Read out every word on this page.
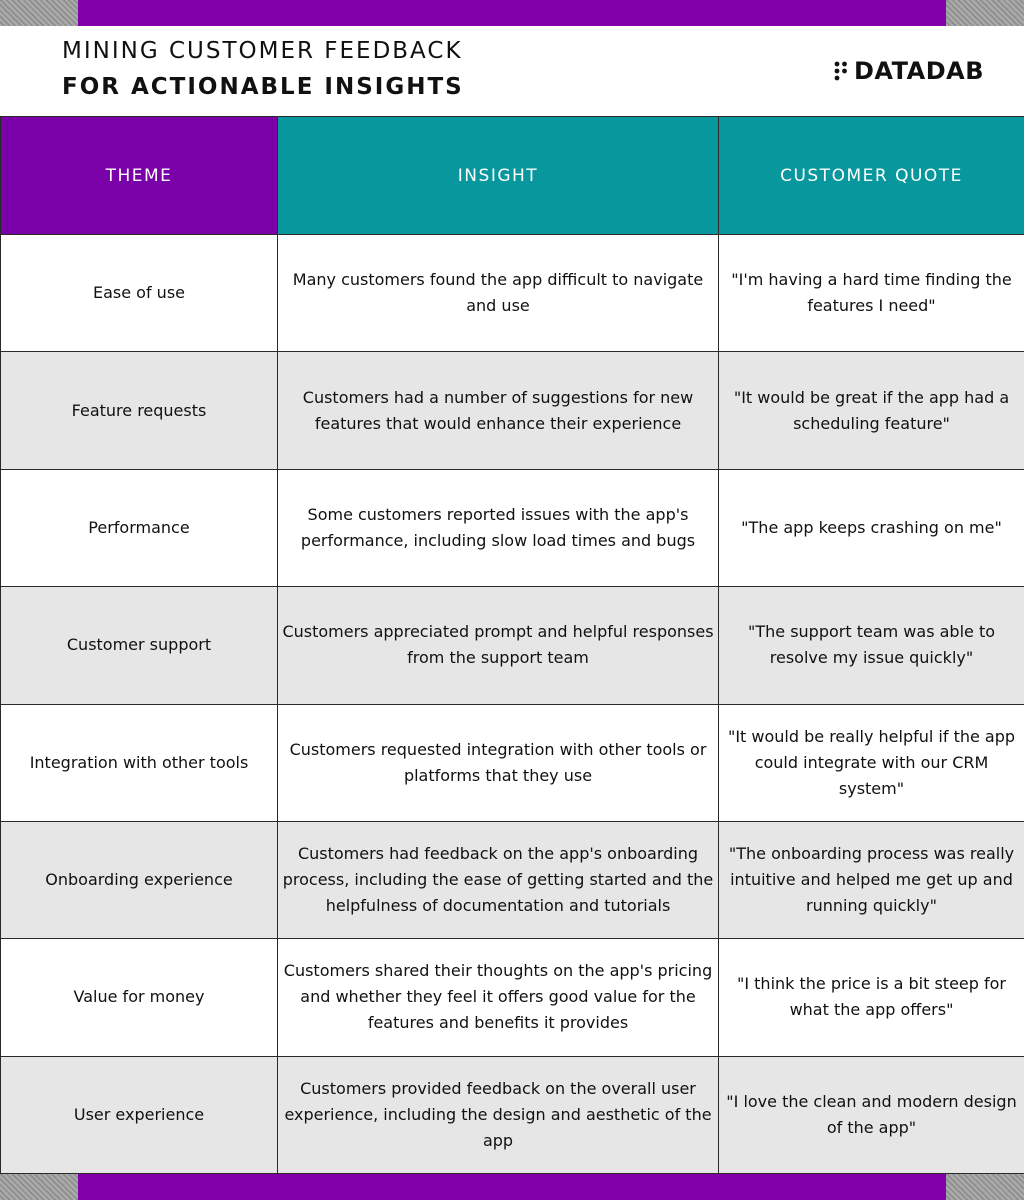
MINING CUSTOMER FEEDBACK
FOR ACTIONABLE INSIGHTS
DATADAB
THEME	INSIGHT	CUSTOMER QUOTE
Ease of use	Many customers found the app difficult to navigate and use	"I'm having a hard time finding the features I need"
Feature requests	Customers had a number of suggestions for new features that would enhance their experience	"It would be great if the app had a scheduling feature"
Performance	Some customers reported issues with the app's performance, including slow load times and bugs	"The app keeps crashing on me"
Customer support	Customers appreciated prompt and helpful responses from the support team	"The support team was able to resolve my issue quickly"
Integration with other tools	Customers requested integration with other tools or platforms that they use	"It would be really helpful if the app could integrate with our CRM system"
Onboarding experience	Customers had feedback on the app's onboarding process, including the ease of getting started and the helpfulness of documentation and tutorials	"The onboarding process was really intuitive and helped me get up and running quickly"
Value for money	Customers shared their thoughts on the app's pricing and whether they feel it offers good value for the features and benefits it provides	"I think the price is a bit steep for what the app offers"
User experience	Customers provided feedback on the overall user experience, including the design and aesthetic of the app	"I love the clean and modern design of the app"
